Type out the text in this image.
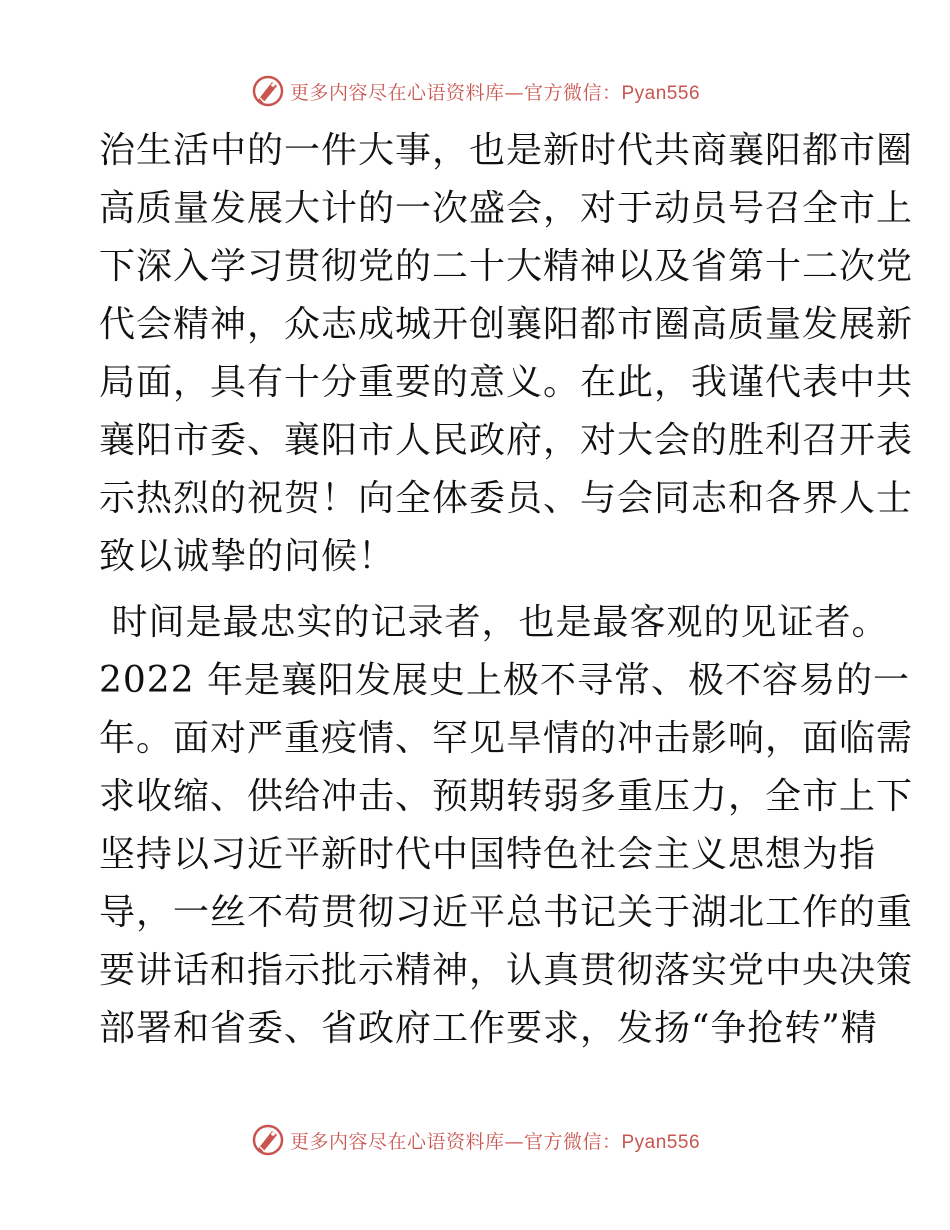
更多内容尽在心语资料库—官方微信：Pyan556
治生活中的一件大事，也是新时代共商襄阳都市圈
高质量发展大计的一次盛会，对于动员号召全市上
下深入学习贯彻党的二十大精神以及省第十二次党
代会精神，众志成城开创襄阳都市圈高质量发展新
局面，具有十分重要的意义。在此，我谨代表中共
襄阳市委、襄阳市人民政府，对大会的胜利召开表
示热烈的祝贺！向全体委员、与会同志和各界人士
致以诚挚的问候！
时间是最忠实的记录者，也是最客观的见证者。
2022 年是襄阳发展史上极不寻常、极不容易的一
年。面对严重疫情、罕见旱情的冲击影响，面临需
求收缩、供给冲击、预期转弱多重压力，全市上下
坚持以习近平新时代中国特色社会主义思想为指
导，一丝不苟贯彻习近平总书记关于湖北工作的重
要讲话和指示批示精神，认真贯彻落实党中央决策
部署和省委、省政府工作要求，发扬“争抢转”精
更多内容尽在心语资料库—官方微信：Pyan556
